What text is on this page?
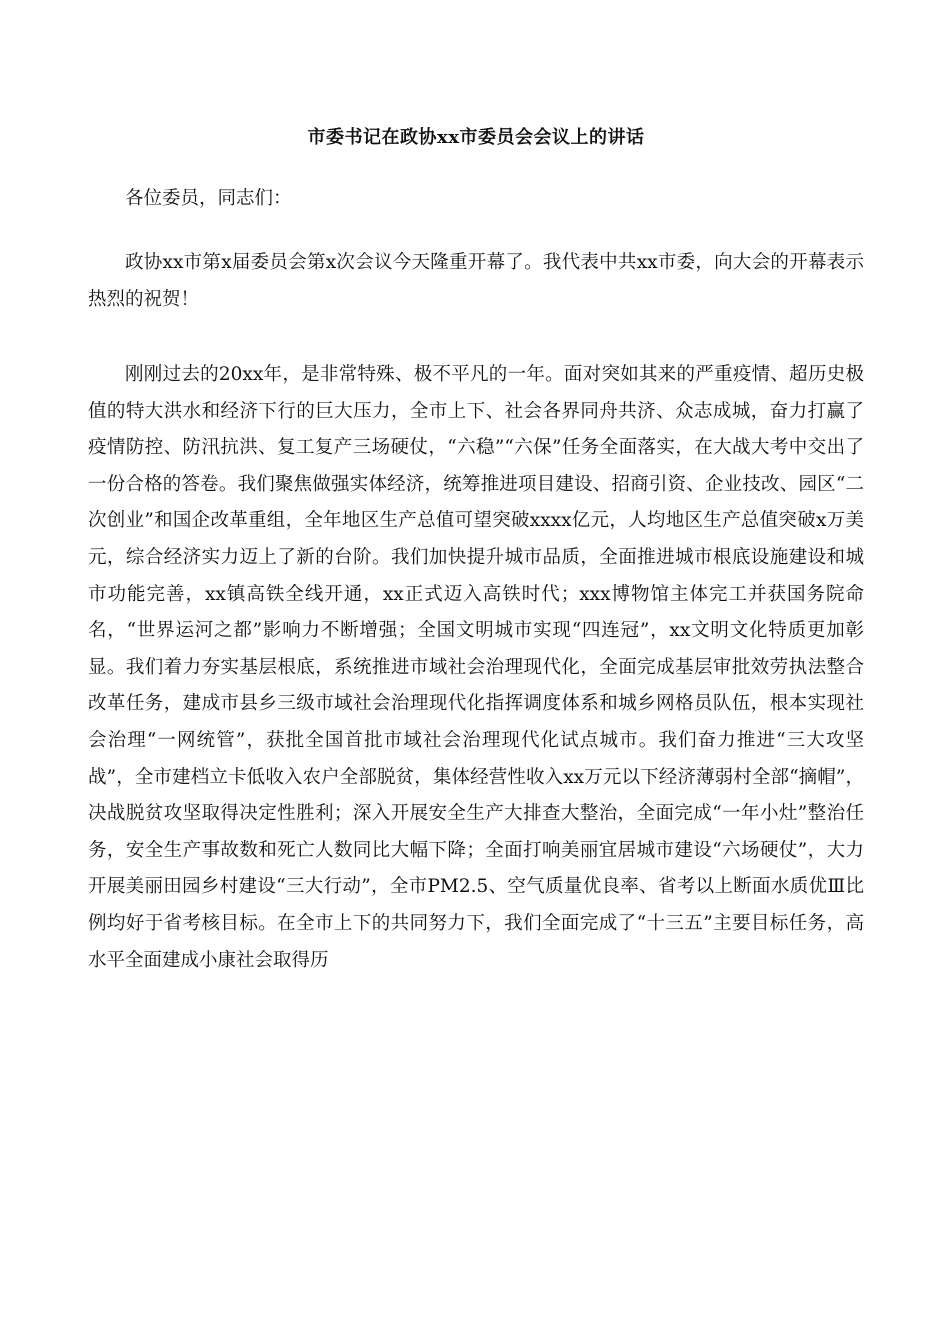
市委书记在政协xx市委员会会议上的讲话

各位委员，同志们：

政协xx市第x届委员会第x次会议今天隆重开幕了。我代表中共xx市委，向大会的开幕表示热烈的祝贺！

刚刚过去的20xx年，是非常特殊、极不平凡的一年。面对突如其来的严重疫情、超历史极值的特大洪水和经济下行的巨大压力，全市上下、社会各界同舟共济、众志成城，奋力打赢了疫情防控、防汛抗洪、复工复产三场硬仗，“六稳”“六保”任务全面落实，在大战大考中交出了一份合格的答卷。我们聚焦做强实体经济，统筹推进项目建设、招商引资、企业技改、园区“二次创业”和国企改革重组，全年地区生产总值可望突破xxxx亿元，人均地区生产总值突破x万美元，综合经济实力迈上了新的台阶。我们加快提升城市品质，全面推进城市根底设施建设和城市功能完善，xx镇高铁全线开通，xx正式迈入高铁时代；xxx博物馆主体完工并获国务院命名，“世界运河之都”影响力不断增强；全国文明城市实现“四连冠”，xx文明文化特质更加彰显。我们着力夯实基层根底，系统推进市域社会治理现代化，全面完成基层审批效劳执法整合改革任务，建成市县乡三级市域社会治理现代化指挥调度体系和城乡网格员队伍，根本实现社会治理“一网统管”，获批全国首批市域社会治理现代化试点城市。我们奋力推进“三大攻坚战”，全市建档立卡低收入农户全部脱贫，集体经营性收入xx万元以下经济薄弱村全部“摘帽”，决战脱贫攻坚取得决定性胜利；深入开展安全生产大排查大整治，全面完成“一年小灶”整治任务，安全生产事故数和死亡人数同比大幅下降；全面打响美丽宜居城市建设“六场硬仗”，大力开展美丽田园乡村建设“三大行动”，全市PM2.5、空气质量优良率、省考以上断面水质优Ⅲ比例均好于省考核目标。在全市上下的共同努力下，我们全面完成了“十三五”主要目标任务，高水平全面建成小康社会取得历
